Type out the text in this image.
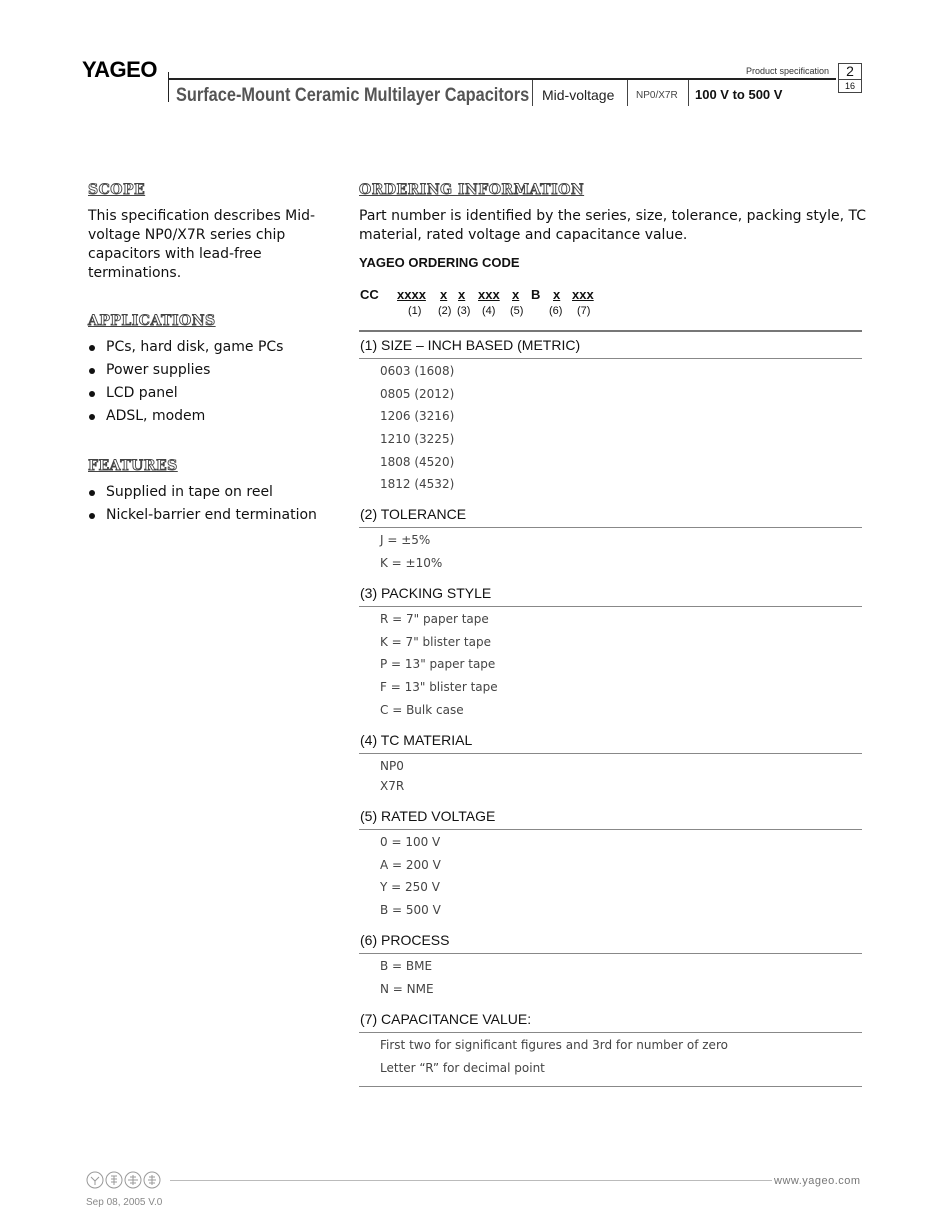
YAGEO
Surface-Mount Ceramic Multilayer Capacitors Mid-voltage NP0/X7R 100 V to 500 V
Product specification	2
16
SCOPE
This specification describes Mid-
voltage NP0/X7R series chip
capacitors with lead-free
terminations.
APPLICATIONS
PCs, hard disk, game PCs
Power supplies
LCD panel
ADSL, modem
FEATURES
Supplied in tape on reel
Nickel-barrier end termination
ORDERING INFORMATION
Part number is identified by the series, size, tolerance, packing style, TC
material, rated voltage and capacitance value.
YAGEO ORDERING CODE
CC xxxx x x xxx x B x xxx
(1) (2) (3) (4) (5) (6) (7)
(1) SIZE – INCH BASED (METRIC)
0603 (1608)
0805 (2012)
1206 (3216)
1210 (3225)
1808 (4520)
1812 (4532)
(2) TOLERANCE
J = ±5%
K = ±10%
(3) PACKING STYLE
R = 7" paper tape
K = 7" blister tape
P = 13" paper tape
F = 13" blister tape
C = Bulk case
(4) TC MATERIAL
NP0
X7R
(5) RATED VOLTAGE
0 = 100 V
A = 200 V
Y = 250 V
B = 500 V
(6) PROCESS
B = BME
N = NME
(7) CAPACITANCE VALUE:
First two for significant figures and 3rd for number of zero
Letter “R” for decimal point
www.yageo.com
Sep 08, 2005 V.0
